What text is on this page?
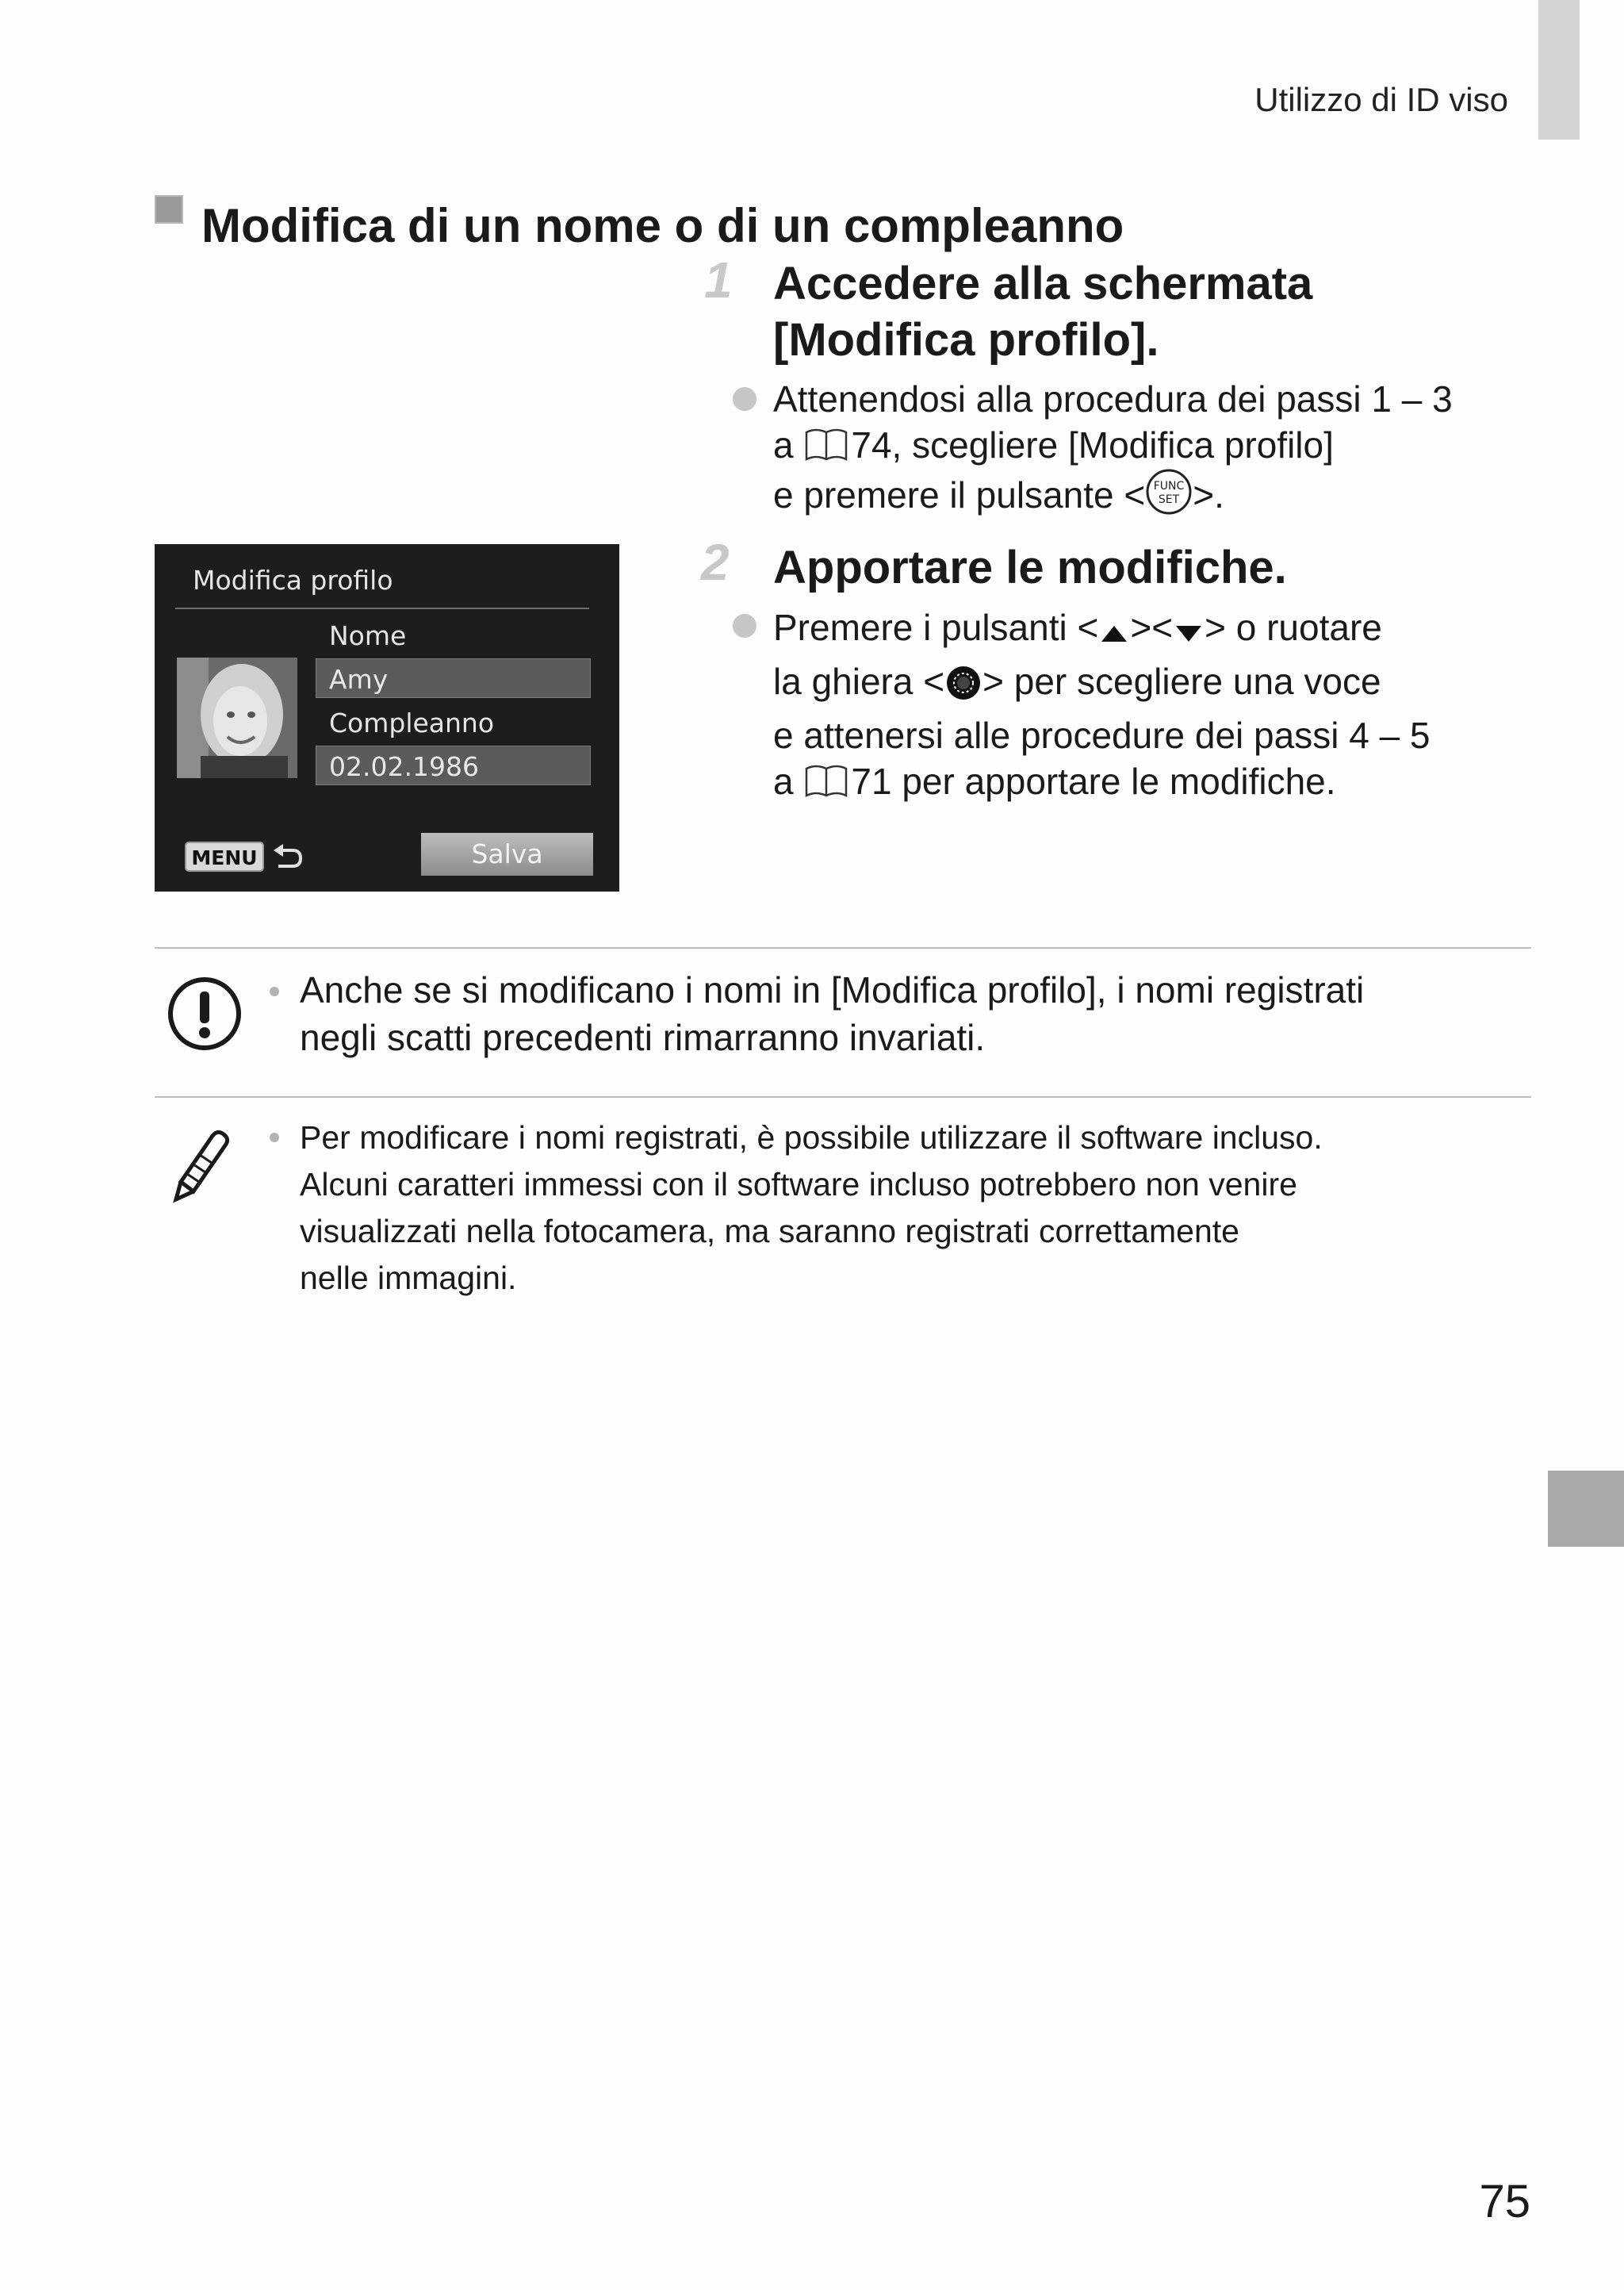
Utilizzo di ID viso
Modifica di un nome o di un compleanno
1 Accedere alla schermata
[Modifica profilo].
Attenendosi alla procedura dei passi 1 – 3
a 74, scegliere [Modifica profilo]
e premere il pulsante < FUNC
SET >.
2 Apportare le modifiche.
Premere i pulsanti < >< > o ruotare
la ghiera < > per scegliere una voce
e attenersi alle procedure dei passi 4 – 5
a 71 per apportare le modifiche.
Modifica profilo
Nome
Amy
Compleanno
02.02.1986
MENU	Salva
Anche se si modificano i nomi in [Modifica profilo], i nomi registrati
negli scatti precedenti rimarranno invariati.
Per modificare i nomi registrati, è possibile utilizzare il software incluso.
Alcuni caratteri immessi con il software incluso potrebbero non venire
visualizzati nella fotocamera, ma saranno registrati correttamente
nelle immagini.
75
